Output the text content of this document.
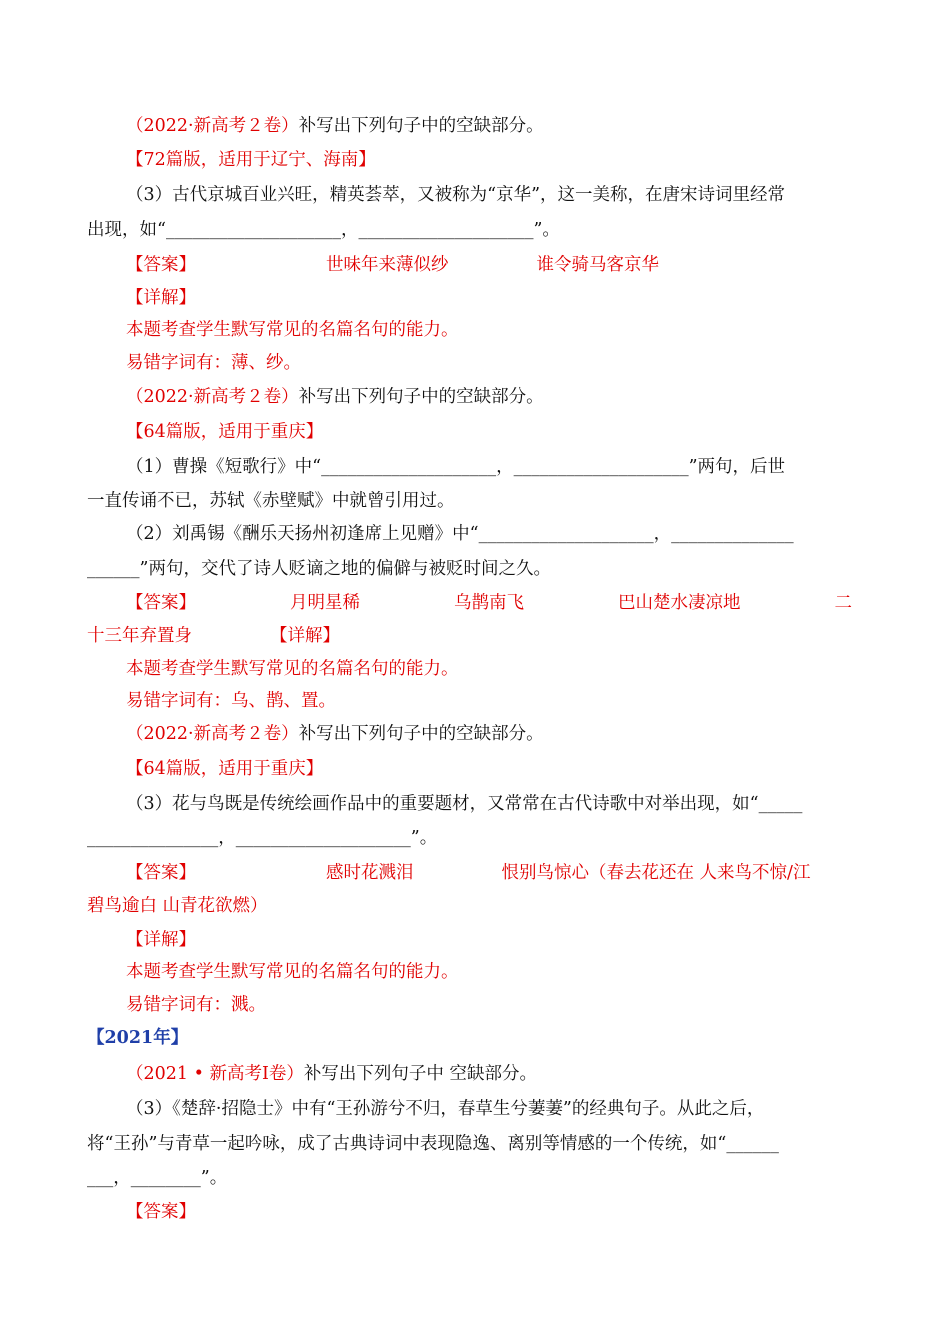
（2022·新高考２卷）补写出下列句子中的空缺部分。
【72篇版，适用于辽宁、海南】
（3）古代京城百业兴旺，精英荟萃，又被称为“京华”，这一美称，在唐宋诗词里经常
出现，如“____________________，____________________”。
【答案】	世味年来薄似纱	谁令骑马客京华
【详解】
本题考查学生默写常见的名篇名句的能力。
易错字词有：薄、纱。
（2022·新高考２卷）补写出下列句子中的空缺部分。
【64篇版，适用于重庆】
（1）曹操《短歌行》中“____________________，____________________”两句，后世
一直传诵不已，苏轼《赤壁赋》中就曾引用过。
（2）刘禹锡《酬乐天扬州初逢席上见赠》中“____________________，______________
______”两句，交代了诗人贬谪之地的偏僻与被贬时间之久。
【答案】	月明星稀	乌鹊南飞	巴山楚水凄凉地	二
十三年弃置身	【详解】
本题考查学生默写常见的名篇名句的能力。
易错字词有：乌、鹊、置。
（2022·新高考２卷）补写出下列句子中的空缺部分。
【64篇版，适用于重庆】
（3）花与鸟既是传统绘画作品中的重要题材，又常常在古代诗歌中对举出现，如“_____
_______________，____________________”。
【答案】	感时花溅泪	恨别鸟惊心（春去花还在 人来鸟不惊/江
碧鸟逾白 山青花欲燃）
【详解】
本题考查学生默写常见的名篇名句的能力。
易错字词有：溅。
【2021年】
（2021 • 新高考Ⅰ卷）补写出下列句子中 空缺部分。
（3）《楚辞·招隐士》中有“王孙游兮不归，春草生兮萋萋”的经典句子。从此之后，
将“王孙”与青草一起吟咏，成了古典诗词中表现隐逸、离别等情感的一个传统，如“______
___，________”。
【答案】
